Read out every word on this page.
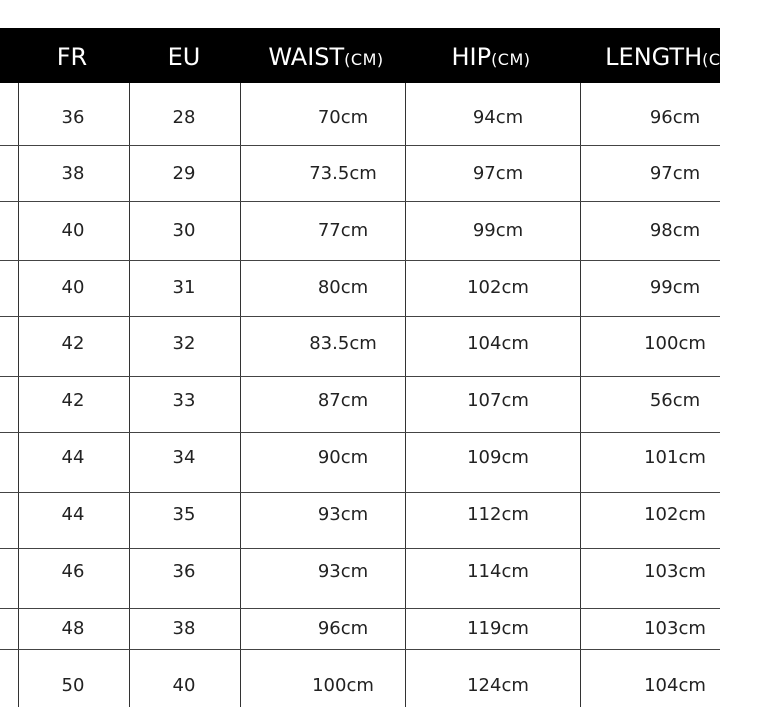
FR	EU	WAIST(CM)	HIP(CM)	LENGTH(CM
36	28	70cm	94cm	96cm
38	29	73.5cm	97cm	97cm
40	30	77cm	99cm	98cm
40	31	80cm	102cm	99cm
42	32	83.5cm	104cm	100cm
42	33	87cm	107cm	56cm
44	34	90cm	109cm	101cm
44	35	93cm	112cm	102cm
46	36	93cm	114cm	103cm
48	38	96cm	119cm	103cm
50	40	100cm	124cm	104cm
